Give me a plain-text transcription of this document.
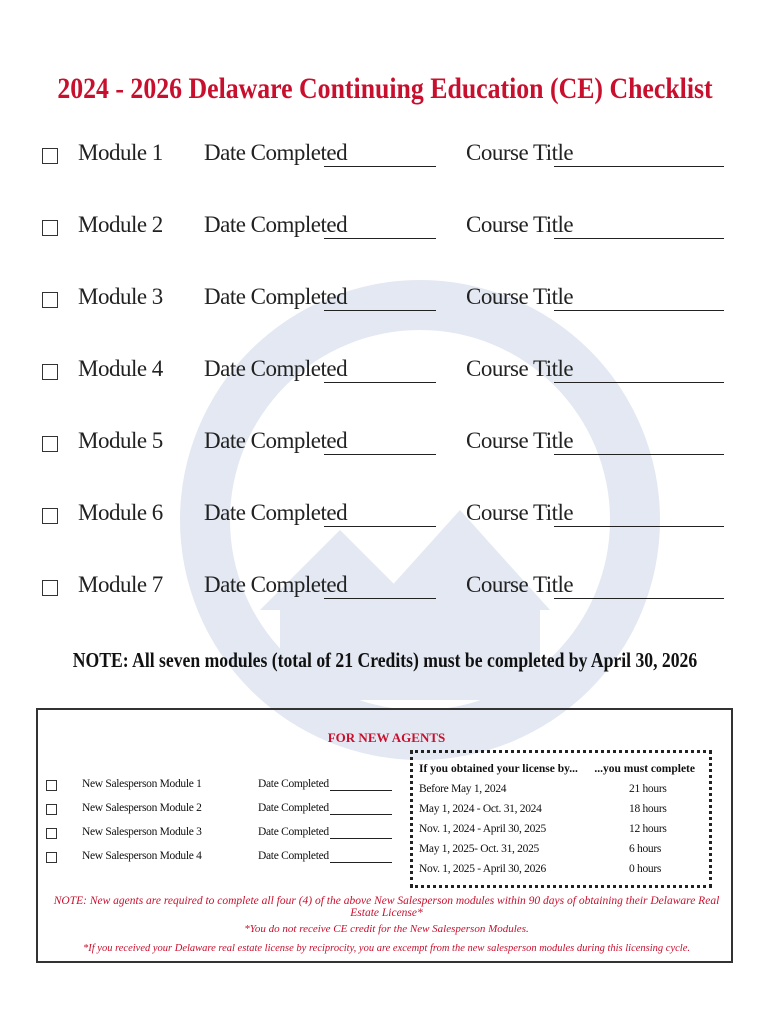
2024 - 2026 Delaware Continuing Education (CE) Checklist
Module 1 Date Completed	Course Title
Module 2 Date Completed	Course Title
Module 3 Date Completed	Course Title
Module 4 Date Completed	Course Title
Module 5 Date Completed	Course Title
Module 6 Date Completed	Course Title
Module 7 Date Completed	Course Title
NOTE: All seven modules (total of 21 Credits) must be completed by April 30, 2026
FOR NEW AGENTS
New Salesperson Module 1	Date Completed
New Salesperson Module 2	Date Completed
New Salesperson Module 3	Date Completed
New Salesperson Module 4	Date Completed
If you obtained your license by... ...you must complete
Before May 1, 2024	21 hours
May 1, 2024 - Oct. 31, 2024	18 hours
Nov. 1, 2024 - April 30, 2025	12 hours
May 1, 2025- Oct. 31, 2025	6 hours
Nov. 1, 2025 - April 30, 2026	0 hours
NOTE: New agents are required to complete all four (4) of the above New Salesperson modules within 90 days of obtaining their Delaware Real Estate License*
*You do not receive CE credit for the New Salesperson Modules.
*If you received your Delaware real estate license by reciprocity, you are excempt from the new salesperson modules during this licensing cycle.
